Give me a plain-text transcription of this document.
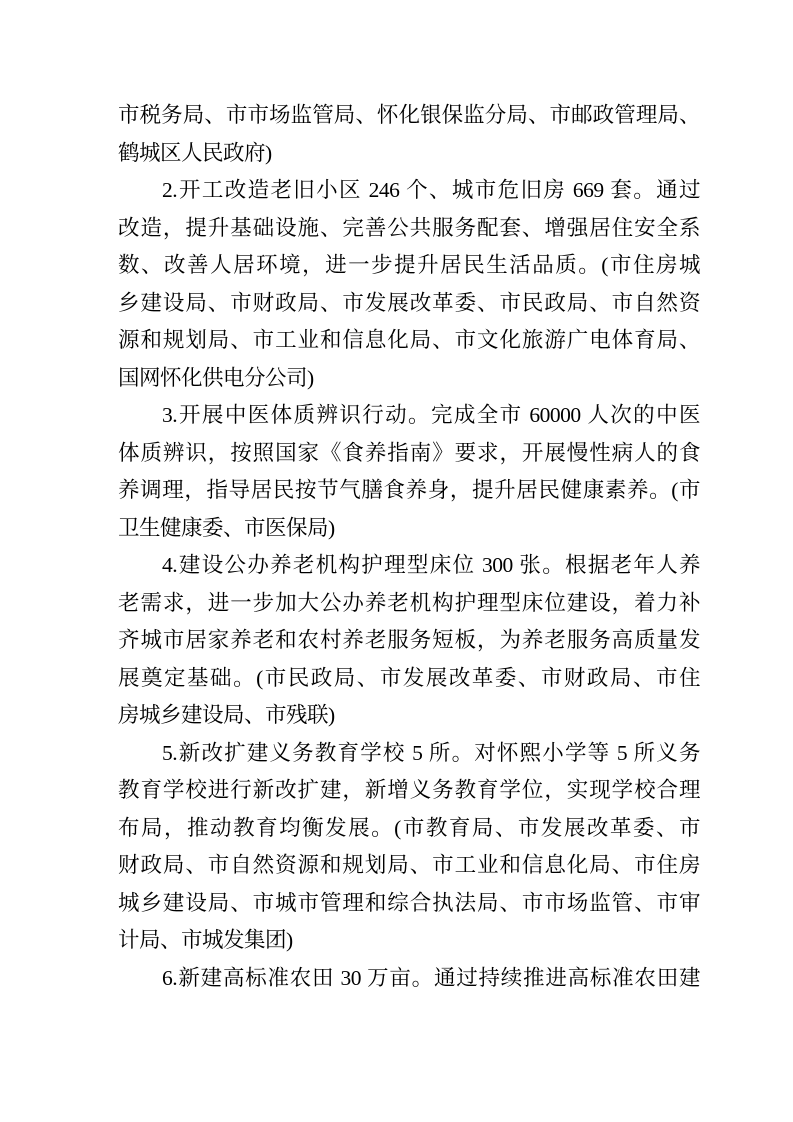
市税务局、市市场监管局、怀化银保监分局、市邮政管理局、
鹤城区人民政府)
2.开工改造老旧小区 246 个、城市危旧房 669 套。通过
改造，提升基础设施、完善公共服务配套、增强居住安全系
数、改善人居环境，进一步提升居民生活品质。(市住房城
乡建设局、市财政局、市发展改革委、市民政局、市自然资
源和规划局、市工业和信息化局、市文化旅游广电体育局、
国网怀化供电分公司)
3.开展中医体质辨识行动。完成全市 60000 人次的中医
体质辨识，按照国家《食养指南》要求，开展慢性病人的食
养调理，指导居民按节气膳食养身，提升居民健康素养。(市
卫生健康委、市医保局)
4.建设公办养老机构护理型床位 300 张。根据老年人养
老需求，进一步加大公办养老机构护理型床位建设，着力补
齐城市居家养老和农村养老服务短板，为养老服务高质量发
展奠定基础。(市民政局、市发展改革委、市财政局、市住
房城乡建设局、市残联)
5.新改扩建义务教育学校 5 所。对怀熙小学等 5 所义务
教育学校进行新改扩建，新增义务教育学位，实现学校合理
布局，推动教育均衡发展。(市教育局、市发展改革委、市
财政局、市自然资源和规划局、市工业和信息化局、市住房
城乡建设局、市城市管理和综合执法局、市市场监管、市审
计局、市城发集团)
6.新建高标准农田 30 万亩。通过持续推进高标准农田建
